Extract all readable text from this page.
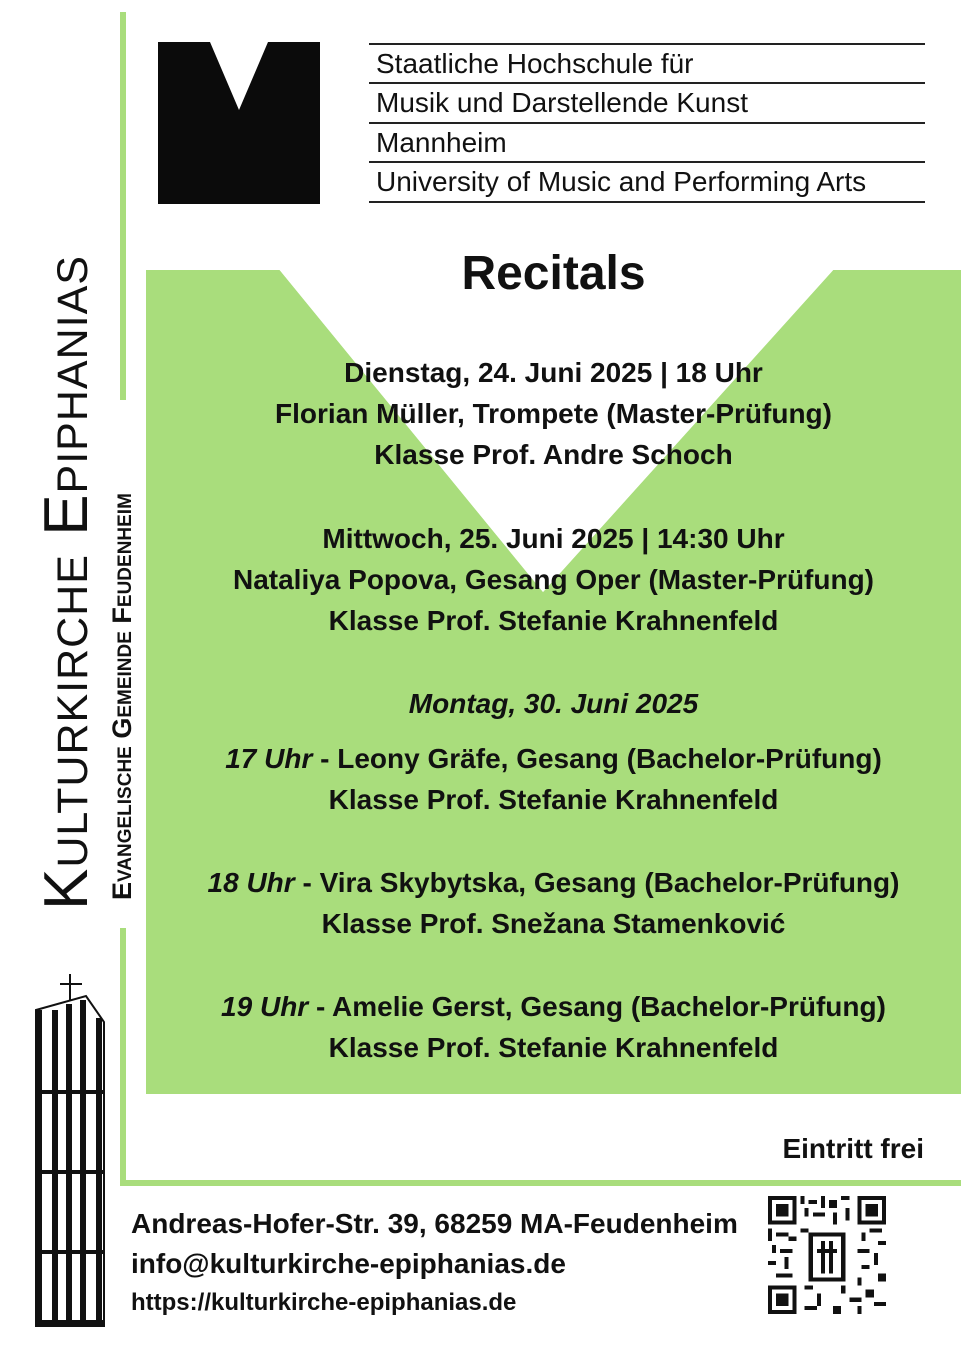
Kulturkirche Epiphanias Evangelische Gemeinde Feudenheim
Staatliche Hochschule für
Musik und Darstellende Kunst
Mannheim
University of Music and Performing Arts
Recitals
Dienstag, 24. Juni 2025 | 18 Uhr
Florian Müller, Trompete (Master-Prüfung)
Klasse Prof. Andre Schoch
Mittwoch, 25. Juni 2025 | 14:30 Uhr
Nataliya Popova, Gesang Oper (Master-Prüfung)
Klasse Prof. Stefanie Krahnenfeld
Montag, 30. Juni 2025
17 Uhr - Leony Gräfe, Gesang (Bachelor-Prüfung)
Klasse Prof. Stefanie Krahnenfeld
18 Uhr - Vira Skybytska, Gesang (Bachelor-Prüfung)
Klasse Prof. Snežana Stamenković
19 Uhr - Amelie Gerst, Gesang (Bachelor-Prüfung)
Klasse Prof. Stefanie Krahnenfeld
Eintritt frei
Andreas-Hofer-Str. 39, 68259 MA-Feudenheim
info@kulturkirche-epiphanias.de
https://kulturkirche-epiphanias.de
